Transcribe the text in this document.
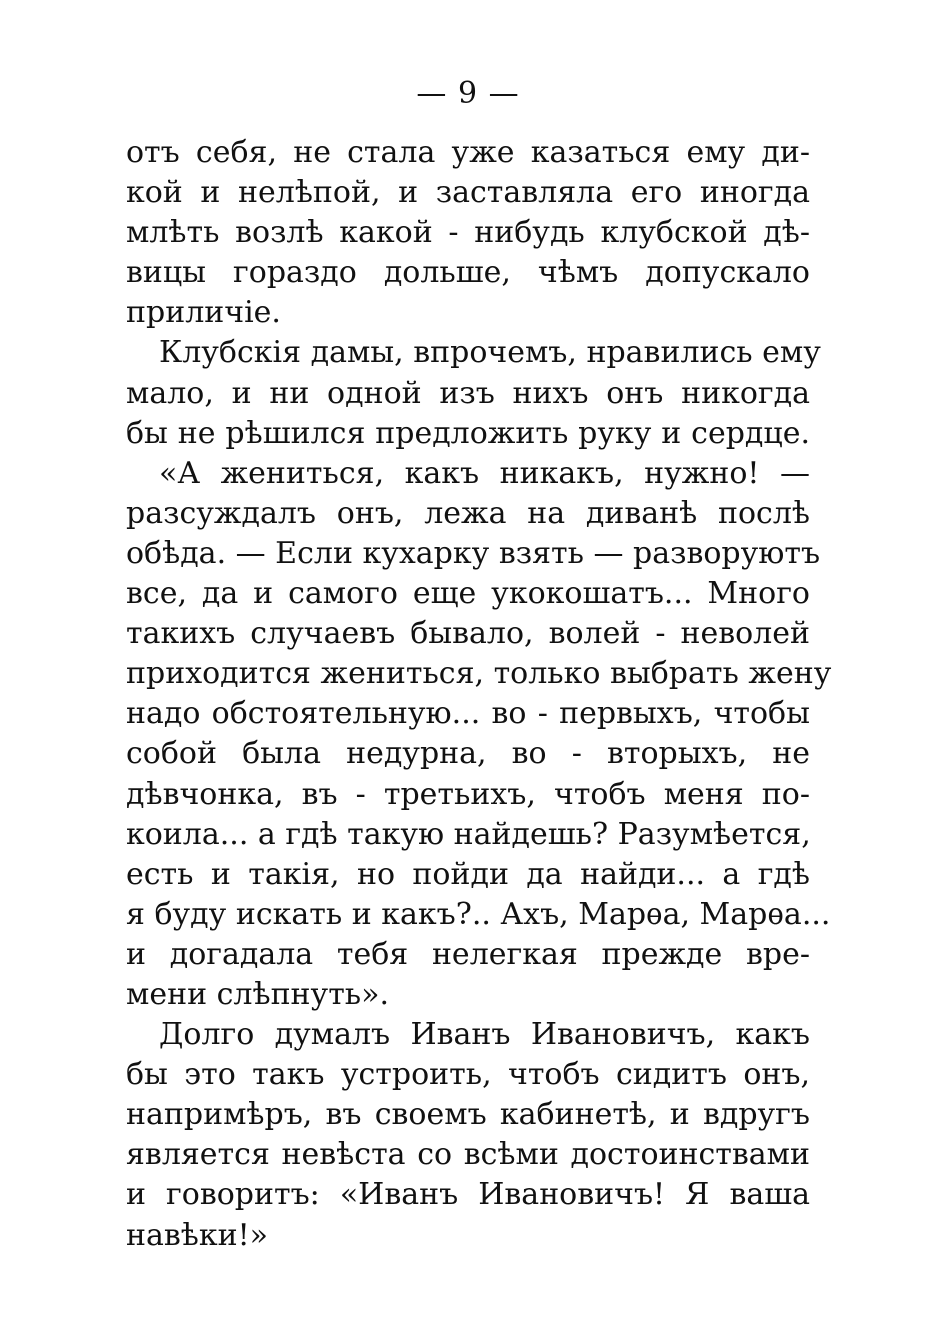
— 9 —
отъ себя, не стала уже казаться ему ди-
кой и нелѣпой, и заставляла его иногда
млѣть возлѣ какой - нибудь клубской дѣ-
вицы гораздо дольше, чѣмъ допускало
приличіе.
Клубскія дамы, впрочемъ, нравились ему
мало, и ни одной изъ нихъ онъ никогда
бы не рѣшился предложить руку и сердце.
«А жениться, какъ никакъ, нужно! —
разсуждалъ онъ, лежа на диванѣ послѣ
обѣда. — Если кухарку взять — разворуютъ
все, да и самого еще укокошатъ... Много
такихъ случаевъ бывало, волей - неволей
приходится жениться, только выбрать жену
надо обстоятельную... во - первыхъ, чтобы
собой была недурна, во - вторыхъ, не
дѣвчонка, въ - третьихъ, чтобъ меня по-
коила... а гдѣ такую найдешь? Разумѣется,
есть и такія, но пойди да найди... а гдѣ
я буду искать и какъ?.. Ахъ, Марѳа, Марѳа...
и догадала тебя нелегкая прежде вре-
мени слѣпнуть».
Долго думалъ Иванъ Ивановичъ, какъ
бы это такъ устроить, чтобъ сидитъ онъ,
напримѣръ, въ своемъ кабинетѣ, и вдругъ
является невѣста со всѣми достоинствами
и говоритъ: «Иванъ Ивановичъ! Я ваша
навѣки!»
